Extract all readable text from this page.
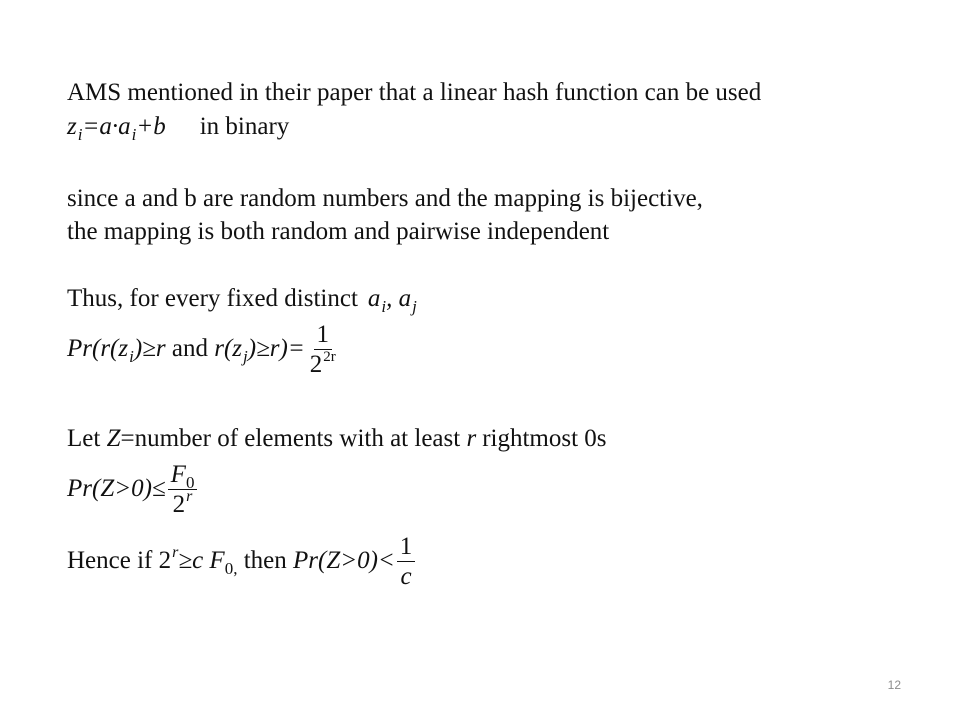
AMS mentioned in their paper that a linear hash function can be used
$z_i=a\cdot a_i+b$ in binary
since a and b are random numbers and the mapping is bijective,
the mapping is both random and pairwise independent
Thus, for every fixed distinct $a_i$, $a_j$
$Pr(r(z_i)\ge r$ and $r(z_j)\ge r)= \frac{1}{2^{2r}}$
Let Z=number of elements with at least r rightmost 0s
$Pr(Z>0)\le \frac{F_0}{2^r}$
Hence if $2^r\ge c$ $F_{0,}$ then $Pr(Z>0)< \frac{1}{c}$
12
